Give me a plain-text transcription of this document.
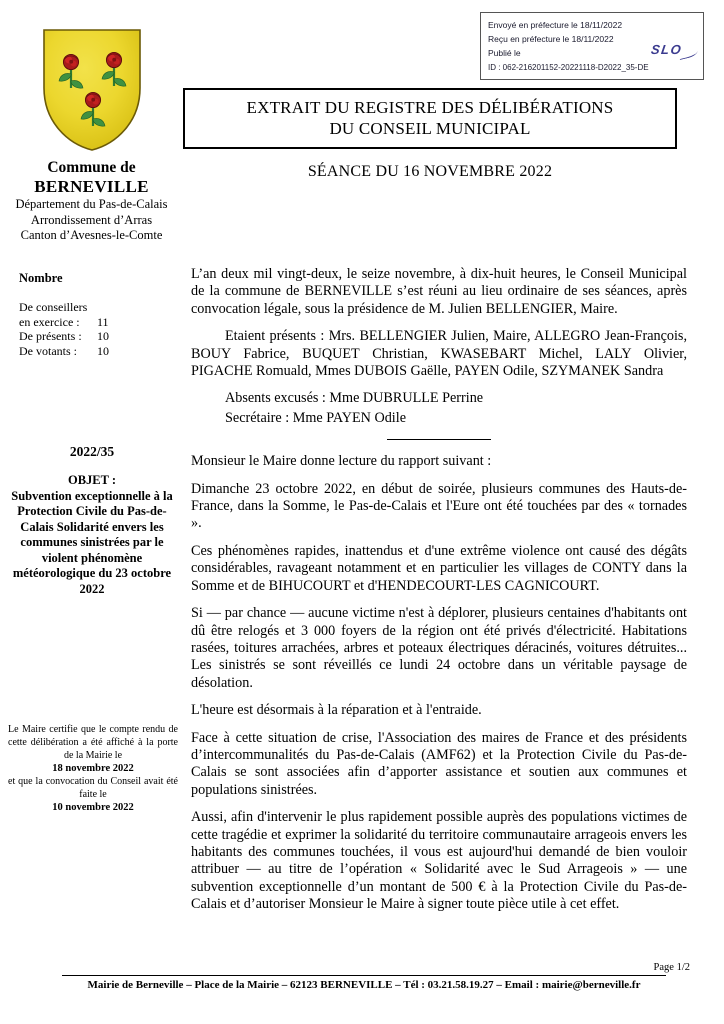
Envoyé en préfecture le 18/11/2022
Reçu en préfecture le 18/11/2022
Publié le	SLO
ID : 062-216201152-20221118-D2022_35-DE
EXTRAIT DU REGISTRE DES DÉLIBÉRATIONS
DU CONSEIL MUNICIPAL
SÉANCE DU 16 NOVEMBRE 2022
Commune de
BERNEVILLE
Département du Pas-de-Calais
Arrondissement d’Arras
Canton d’Avesnes-le-Comte
Nombre
De conseillers
en exercice :	11
De présents :	10
De votants :	10
2022/35
OBJET :
Subvention exceptionnelle à la Protection Civile du Pas-de-Calais Solidarité envers les communes sinistrées par le violent phénomène météorologique du 23 octobre 2022
Le Maire certifie que le compte rendu de cette délibération a été affiché à la porte de la Mairie le
18 novembre 2022
et que la convocation du Conseil avait été faite le
10 novembre 2022

L’an deux mil vingt-deux, le seize novembre, à dix-huit heures, le Conseil Municipal de la commune de BERNEVILLE s’est réuni au lieu ordinaire de ses séances, après convocation légale, sous la présidence de M. Julien BELLENGIER, Maire.

Etaient présents : Mrs. BELLENGIER Julien, Maire, ALLEGRO Jean-François, BOUY Fabrice, BUQUET Christian, KWASEBART Michel, LALY Olivier, PIGACHE Romuald, Mmes DUBOIS Gaëlle, PAYEN Odile, SZYMANEK Sandra

Absents excusés : Mme DUBRULLE Perrine

Secrétaire : Mme PAYEN Odile

Monsieur le Maire donne lecture du rapport suivant :

Dimanche 23 octobre 2022, en début de soirée, plusieurs communes des Hauts-de-France, dans la Somme, le Pas-de-Calais et l'Eure ont été touchées par des « tornades ».

Ces phénomènes rapides, inattendus et d'une extrême violence ont causé des dégâts considérables, ravageant notamment et en particulier les villages de CONTY dans la Somme et de BIHUCOURT et d'HENDECOURT-LES CAGNICOURT.

Si — par chance — aucune victime n'est à déplorer, plusieurs centaines d'habitants ont dû être relogés et 3 000 foyers de la région ont été privés d'électricité. Habitations rasées, toitures arrachées, arbres et poteaux électriques déracinés, voitures détruites... Les sinistrés se sont réveillés ce lundi 24 octobre dans un véritable paysage de désolation.

L'heure est désormais à la réparation et à l'entraide.

Face à cette situation de crise, l'Association des maires de France et des présidents d’intercommunalités du Pas-de-Calais (AMF62) et la Protection Civile du Pas-de-Calais se sont associées afin d’apporter assistance et soutien aux communes et populations sinistrées.

Aussi, afin d'intervenir le plus rapidement possible auprès des populations victimes de cette tragédie et exprimer la solidarité du territoire communautaire arrageois envers les habitants des communes touchées, il vous est aujourd'hui demandé de bien vouloir attribuer — au titre de l’opération « Solidarité avec le Sud Arrageois » — une subvention exceptionnelle d’un montant de 500 € à la Protection Civile du Pas-de-Calais et d’autoriser Monsieur le Maire à signer toute pièce utile à cet effet.

Page 1/2
Mairie de Berneville – Place de la Mairie – 62123 BERNEVILLE – Tél : 03.21.58.19.27 – Email : mairie@berneville.fr
